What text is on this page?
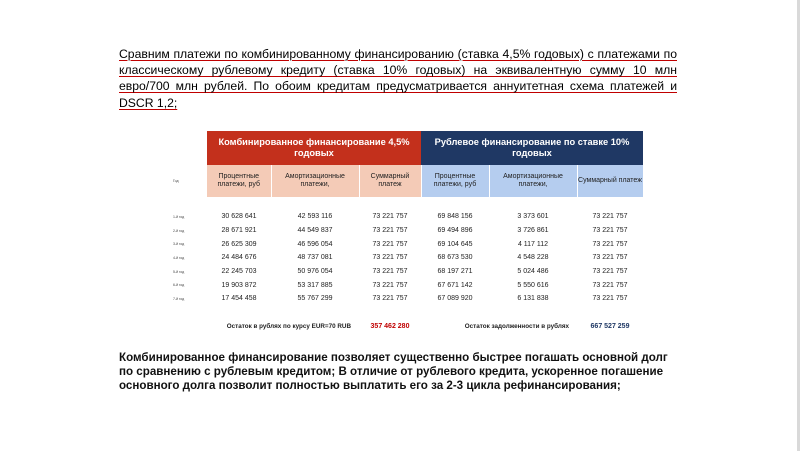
Сравним платежи по комбинированному финансированию (ставка 4,5% годовых) с платежами по классическому рублевому кредиту (ставка 10% годовых) на эквивалентную сумму 10 млн евро/700 млн рублей. По обоим кредитам предусматривается аннуитетная схема платежей и DSCR 1,2;

	Комбинированное финансирование 4,5% годовых			Рублевое финансирование по ставке 10% годовых		
Год	Процентные платежи, руб	Амортизационные платежи,	Суммарный платеж	Процентные платежи, руб	Амортизационные платежи,	Суммарный платеж

1-й год	30 628 641	42 593 116	73 221 757	69 848 156	3 373 601	73 221 757
2-й год	28 671 921	44 549 837	73 221 757	69 494 896	3 726 861	73 221 757
3-й год	26 625 309	46 596 054	73 221 757	69 104 645	4 117 112	73 221 757
4-й год	24 484 676	48 737 081	73 221 757	68 673 530	4 548 228	73 221 757
5-й год	22 245 703	50 976 054	73 221 757	68 197 271	5 024 486	73 221 757
6-й год	19 903 872	53 317 885	73 221 757	67 671 142	5 550 616	73 221 757
7-й год	17 454 458	55 767 299	73 221 757	67 089 920	6 131 838	73 221 757

Остаток в рублях по курсу EUR=70 RUB			357 462 280	Остаток задолженности в рублях		667 527 259

Комбинированное финансирование позволяет существенно быстрее погашать основной долг по сравнению с рублевым кредитом; В отличие от рублевого кредита, ускоренное погашение основного долга позволит полностью выплатить его за 2-3 цикла рефинансирования;
